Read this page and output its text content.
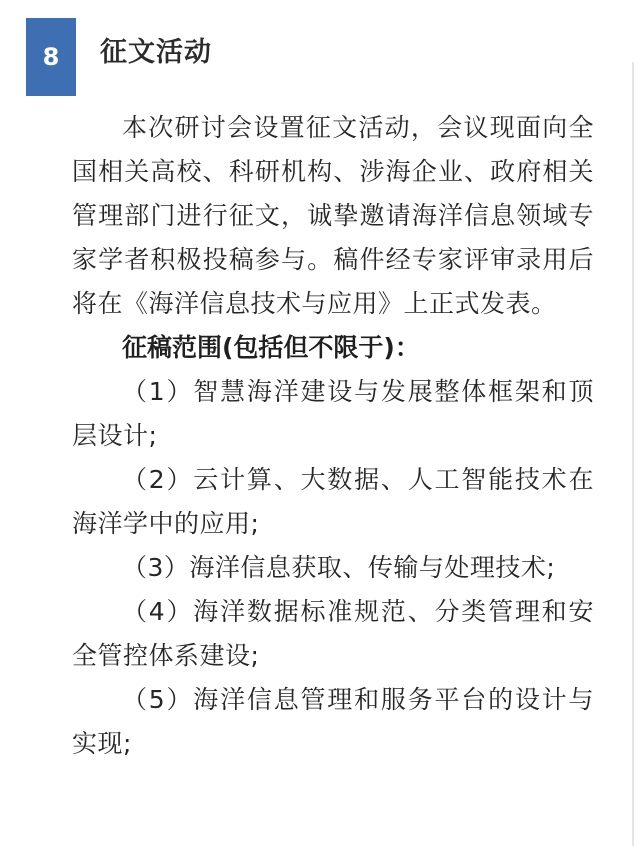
8	征文活动

本次研讨会设置征文活动，会议现面向全国相关高校、科研机构、涉海企业、政府相关管理部门进行征文，诚挚邀请海洋信息领域专家学者积极投稿参与。稿件经专家评审录用后将在《海洋信息技术与应用》上正式发表。

征稿范围(包括但不限于)：

（1）智慧海洋建设与发展整体框架和顶层设计;
（2）云计算、大数据、人工智能技术在海洋学中的应用;
（3）海洋信息获取、传输与处理技术;
（4）海洋数据标准规范、分类管理和安全管控体系建设;
（5）海洋信息管理和服务平台的设计与实现;
